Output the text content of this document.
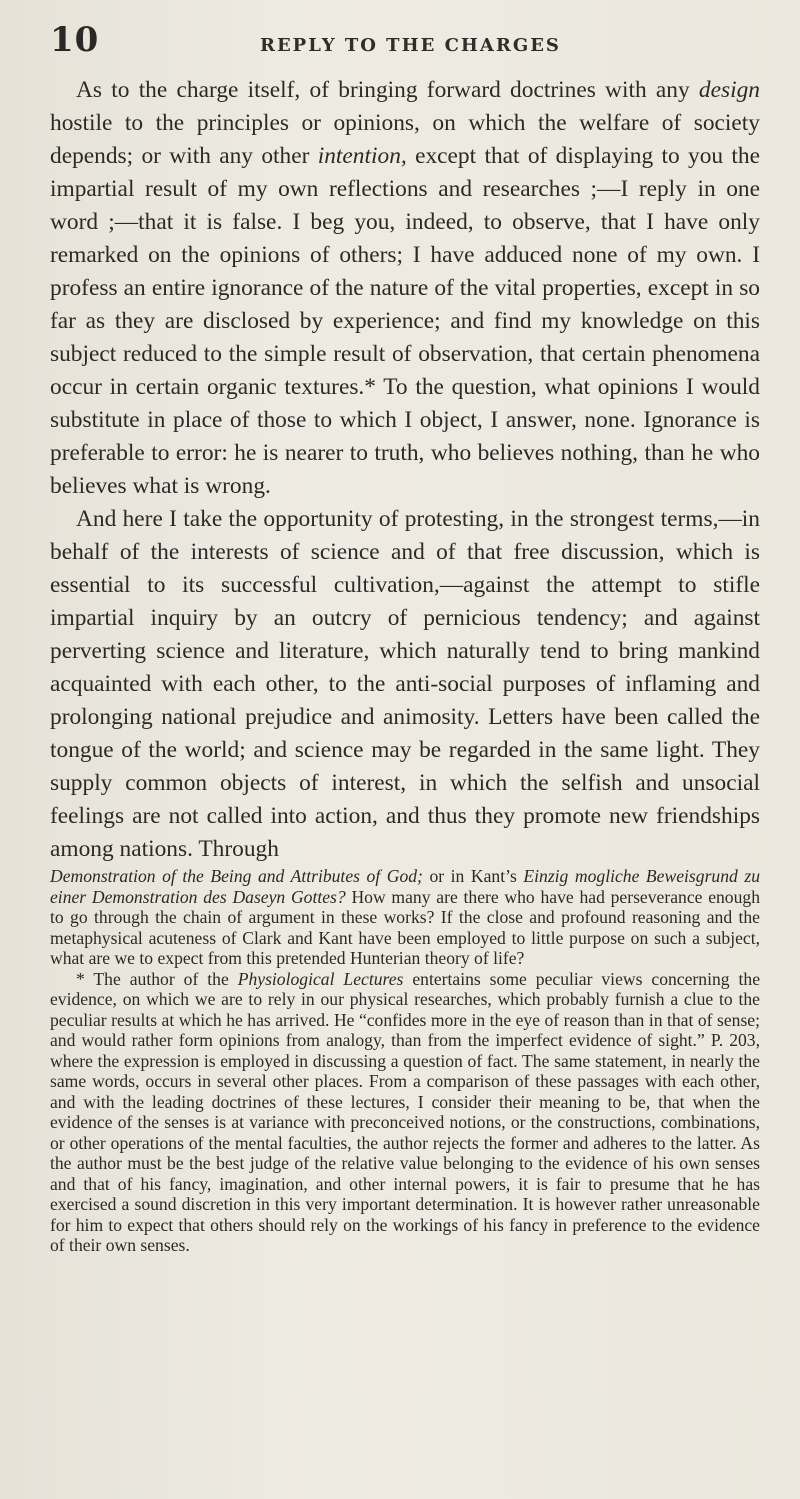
10	REPLY TO THE CHARGES

As to the charge itself, of bringing forward doctrines with any design hostile to the principles or opinions, on which the welfare of society depends; or with any other intention, except that of displaying to you the impartial result of my own reflections and researches ;—I reply in one word ;—that it is false. I beg you, indeed, to observe, that I have only remarked on the opinions of others; I have adduced none of my own. I profess an entire ignorance of the nature of the vital properties, except in so far as they are disclosed by experience; and find my knowledge on this subject reduced to the simple result of observation, that certain phenomena occur in certain organic textures.* To the question, what opinions I would substitute in place of those to which I object, I answer, none. Ignorance is preferable to error: he is nearer to truth, who believes nothing, than he who believes what is wrong.

And here I take the opportunity of protesting, in the strongest terms,—in behalf of the interests of science and of that free discussion, which is essential to its successful cultivation,—against the attempt to stifle impartial inquiry by an outcry of pernicious tendency; and against perverting science and literature, which naturally tend to bring mankind acquainted with each other, to the anti-social purposes of inflaming and prolonging national prejudice and animosity. Letters have been called the tongue of the world; and science may be regarded in the same light. They supply common objects of interest, in which the selfish and unsocial feelings are not called into action, and thus they promote new friendships among nations. Through

Demonstration of the Being and Attributes of God; or in Kant’s Einzig mogliche Beweisgrund zu einer Demonstration des Daseyn Gottes? How many are there who have had perseverance enough to go through the chain of argument in these works? If the close and profound reasoning and the metaphysical acuteness of Clark and Kant have been employed to little purpose on such a subject, what are we to expect from this pretended Hunterian theory of life?

* The author of the Physiological Lectures entertains some peculiar views concerning the evidence, on which we are to rely in our physical researches, which probably furnish a clue to the peculiar results at which he has arrived. He “confides more in the eye of reason than in that of sense; and would rather form opinions from analogy, than from the imperfect evidence of sight.” P. 203, where the expression is employed in discussing a question of fact. The same statement, in nearly the same words, occurs in several other places. From a comparison of these passages with each other, and with the leading doctrines of these lectures, I consider their meaning to be, that when the evidence of the senses is at variance with preconceived notions, or the constructions, combinations, or other operations of the mental faculties, the author rejects the former and adheres to the latter. As the author must be the best judge of the relative value belonging to the evidence of his own senses and that of his fancy, imagination, and other internal powers, it is fair to presume that he has exercised a sound discretion in this very important determination. It is however rather unreasonable for him to expect that others should rely on the workings of his fancy in preference to the evidence of their own senses.
